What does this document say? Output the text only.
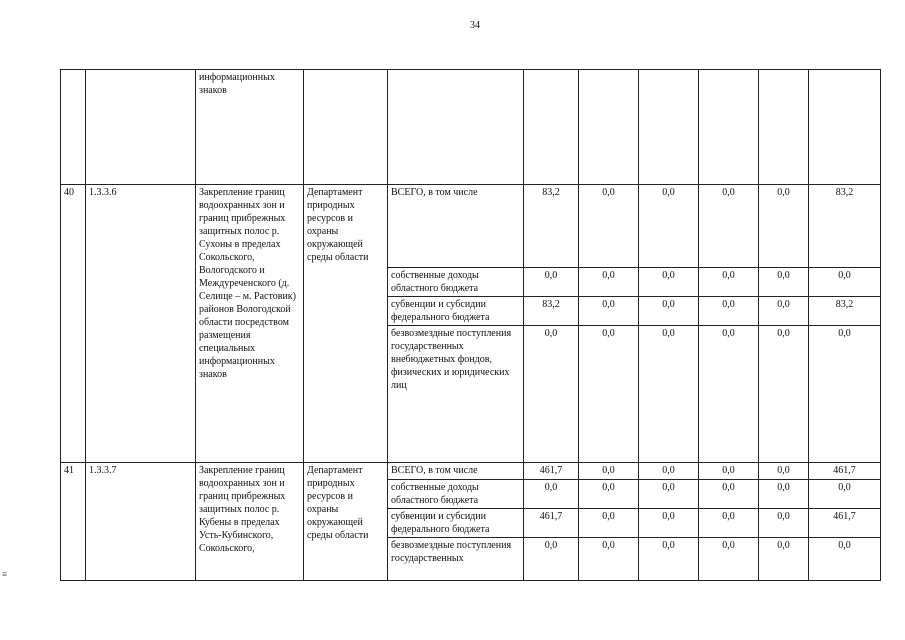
34
		информационных знаков								
40	1.3.3.6	Закрепление границ водоохранных зон и границ прибрежных защитных полос р. Сухоны в пределах Сокольского, Вологодского и Междуреченского (д. Селище – м. Растовик) районов Вологодской области посредством размещения специальных информационных знаков	Департамент природных ресурсов и охраны окружающей среды области	ВСЕГО, в том числе	83,2	0,0	0,0	0,0	0,0	83,2
				собственные доходы областного бюджета	0,0	0,0	0,0	0,0	0,0	0,0
				субвенции и субсидии федерального бюджета	83,2	0,0	0,0	0,0	0,0	83,2
				безвозмездные поступления государственных внебюджетных фондов, физических и юридических лиц	0,0	0,0	0,0	0,0	0,0	0,0
41	1.3.3.7	Закрепление границ водоохранных зон и границ прибрежных защитных полос р. Кубены в пределах Усть-Кубинского, Сокольского,	Департамент природных ресурсов и охраны окружающей среды области	ВСЕГО, в том числе	461,7	0,0	0,0	0,0	0,0	461,7
				собственные доходы областного бюджета	0,0	0,0	0,0	0,0	0,0	0,0
				субвенции и субсидии федерального бюджета	461,7	0,0	0,0	0,0	0,0	461,7
				безвозмездные поступления государственных	0,0	0,0	0,0	0,0	0,0	0,0
≡
